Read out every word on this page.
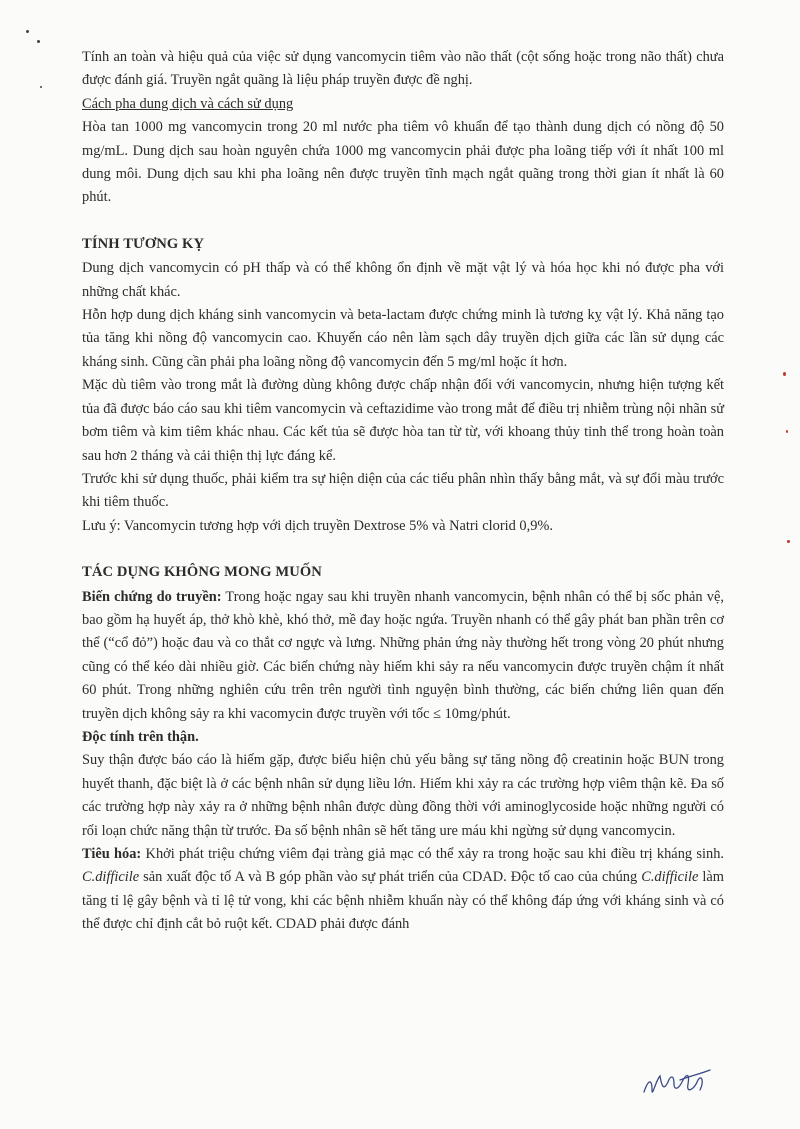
Tính an toàn và hiệu quả của việc sử dụng vancomycin tiêm vào não thất (cột sống hoặc trong não thất) chưa được đánh giá. Truyền ngắt quãng là liệu pháp truyền được đề nghị.

Cách pha dung dịch và cách sử dụng

Hòa tan 1000 mg vancomycin trong 20 ml nước pha tiêm vô khuẩn để tạo thành dung dịch có nồng độ 50 mg/mL. Dung dịch sau hoàn nguyên chứa 1000 mg vancomycin phải được pha loãng tiếp với ít nhất 100 ml dung môi. Dung dịch sau khi pha loãng nên được truyền tĩnh mạch ngắt quãng trong thời gian ít nhất là 60 phút.

TÍNH TƯƠNG KỴ

Dung dịch vancomycin có pH thấp và có thể không ổn định về mặt vật lý và hóa học khi nó được pha với những chất khác.

Hỗn hợp dung dịch kháng sinh vancomycin và beta-lactam được chứng minh là tương kỵ vật lý. Khả năng tạo tủa tăng khi nồng độ vancomycin cao. Khuyến cáo nên làm sạch dây truyền dịch giữa các lần sử dụng các kháng sinh. Cũng cần phải pha loãng nồng độ vancomycin đến 5 mg/ml hoặc ít hơn.

Mặc dù tiêm vào trong mắt là đường dùng không được chấp nhận đối với vancomycin, nhưng hiện tượng kết tủa đã được báo cáo sau khi tiêm vancomycin và ceftazidime vào trong mắt để điều trị nhiễm trùng nội nhãn sử bơm tiêm và kim tiêm khác nhau. Các kết tủa sẽ được hòa tan từ từ, với khoang thủy tinh thể trong hoàn toàn sau hơn 2 tháng và cải thiện thị lực đáng kể.

Trước khi sử dụng thuốc, phải kiểm tra sự hiện diện của các tiểu phân nhìn thấy bằng mắt, và sự đổi màu trước khi tiêm thuốc.

Lưu ý: Vancomycin tương hợp với dịch truyền Dextrose 5% và Natri clorid 0,9%.

TÁC DỤNG KHÔNG MONG MUỐN

Biến chứng do truyền: Trong hoặc ngay sau khi truyền nhanh vancomycin, bệnh nhân có thể bị sốc phản vệ, bao gồm hạ huyết áp, thở khò khè, khó thở, mề đay hoặc ngứa. Truyền nhanh có thể gây phát ban phần trên cơ thể (“cổ đỏ”) hoặc đau và co thắt cơ ngực và lưng. Những phản ứng này thường hết trong vòng 20 phút nhưng cũng có thể kéo dài nhiều giờ. Các biến chứng này hiếm khi sảy ra nếu vancomycin được truyền chậm ít nhất 60 phút. Trong những nghiên cứu trên trên người tình nguyện bình thường, các biến chứng liên quan đến truyền dịch không sảy ra khi vacomycin được truyền với tốc ≤ 10mg/phút.

Độc tính trên thận.

Suy thận được báo cáo là hiếm gặp, được biểu hiện chủ yếu bằng sự tăng nồng độ creatinin hoặc BUN trong huyết thanh, đặc biệt là ở các bệnh nhân sử dụng liều lớn. Hiếm khi xảy ra các trường hợp viêm thận kẽ. Đa số các trường hợp này xảy ra ở những bệnh nhân được dùng đồng thời với aminoglycoside hoặc những người có rối loạn chức năng thận từ trước. Đa số bệnh nhân sẽ hết tăng ure máu khi ngừng sử dụng vancomycin.

Tiêu hóa: Khởi phát triệu chứng viêm đại tràng giả mạc có thể xảy ra trong hoặc sau khi điều trị kháng sinh. C.difficile sản xuất độc tố A và B góp phần vào sự phát triển của CDAD. Độc tố cao của chúng C.difficile làm tăng tỉ lệ gây bệnh và tỉ lệ tử vong, khi các bệnh nhiễm khuẩn này có thể không đáp ứng với kháng sinh và có thể được chỉ định cắt bỏ ruột kết. CDAD phải được đánh
